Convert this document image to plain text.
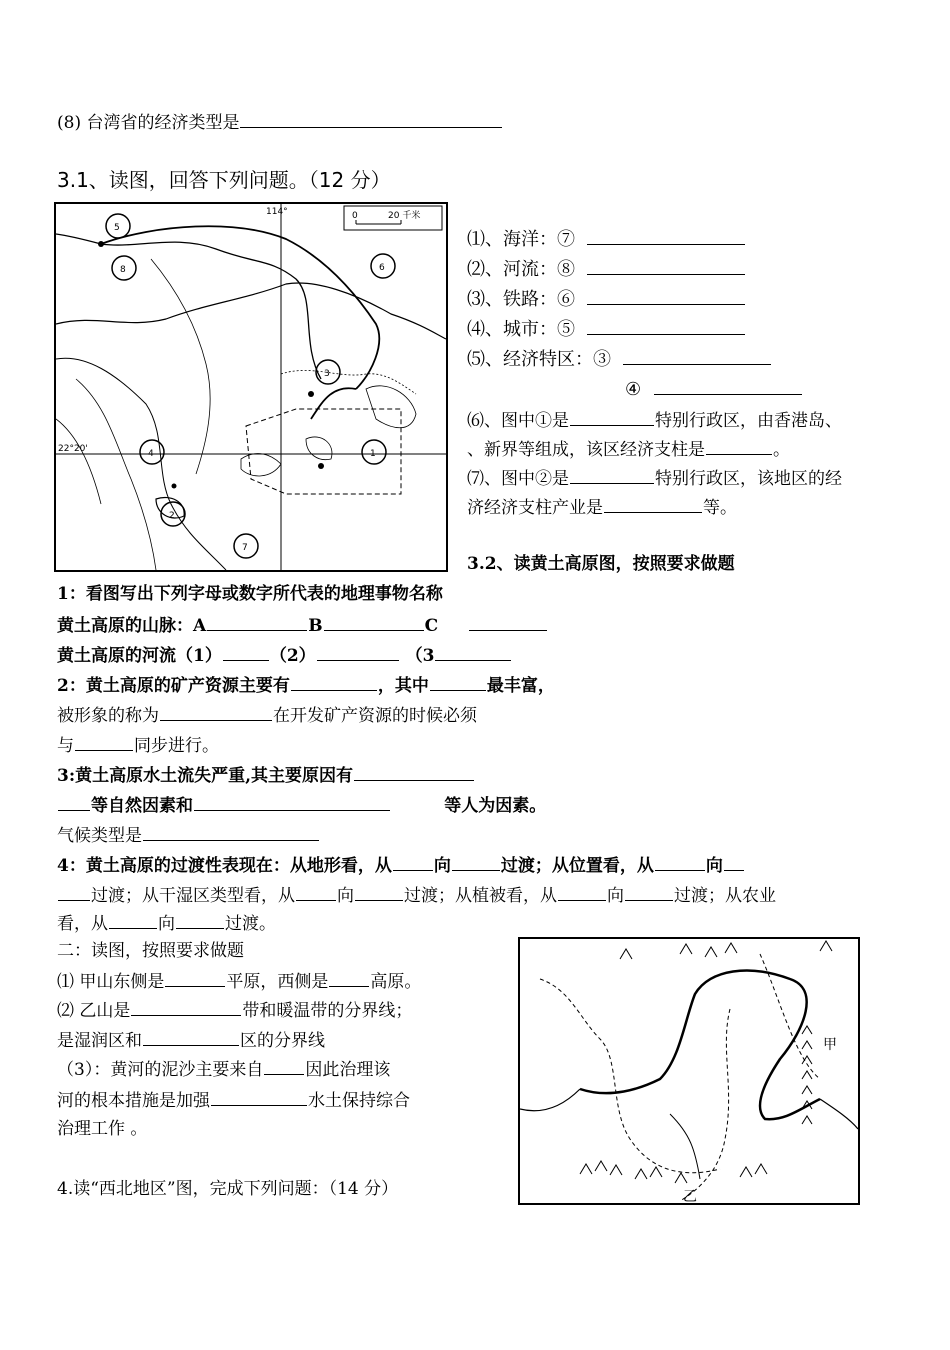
(8) 台湾省的经济类型是
3.1、读图，回答下列问题。（12 分）
114°
22°20'
0	20 千米
5
8	6
3
1
4
2
7
⑴、海洋：⑦
⑵、河流：⑧
⑶、铁路：⑥
⑷、城市：⑤
⑸、经济特区：③
④
⑹、图中①是	特别行政区，由香港岛、
、新界等组成，该区经济支柱是	。
⑺、图中②是	特别行政区，该地区的经
济经济支柱产业是	等。
3.2、读黄土高原图，按照要求做题
1：看图写出下列字母或数字所代表的地理事物名称
黄土高原的山脉：A	B	C
黄土高原的河流（1）	（2）	（3
2：黄土高原的矿产资源主要有	，其中	最丰富，
被形象的称为	在开发矿产资源的时候必须
与	同步进行。
3:黄土高原水土流失严重,其主要原因有
等自然因素和	等人为因素。
气候类型是
4：黄土高原的过渡性表现在：从地形看，从 向	过渡；从位置看，从	向
过渡；从干湿区类型看，从 向	过渡；从植被看，从	向	过渡；从农业
看，从	向	过渡。
二：读图，按照要求做题
⑴ 甲山东侧是	平原，西侧是 高原。
⑵ 乙山是	带和暖温带的分界线；
是湿润区和	区的分界线
（3）：黄河的泥沙主要来自 因此治理该
河的根本措施是加强	水土保持综合
治理工作 。
甲
乙
4.读“西北地区”图，完成下列问题：（14 分）
